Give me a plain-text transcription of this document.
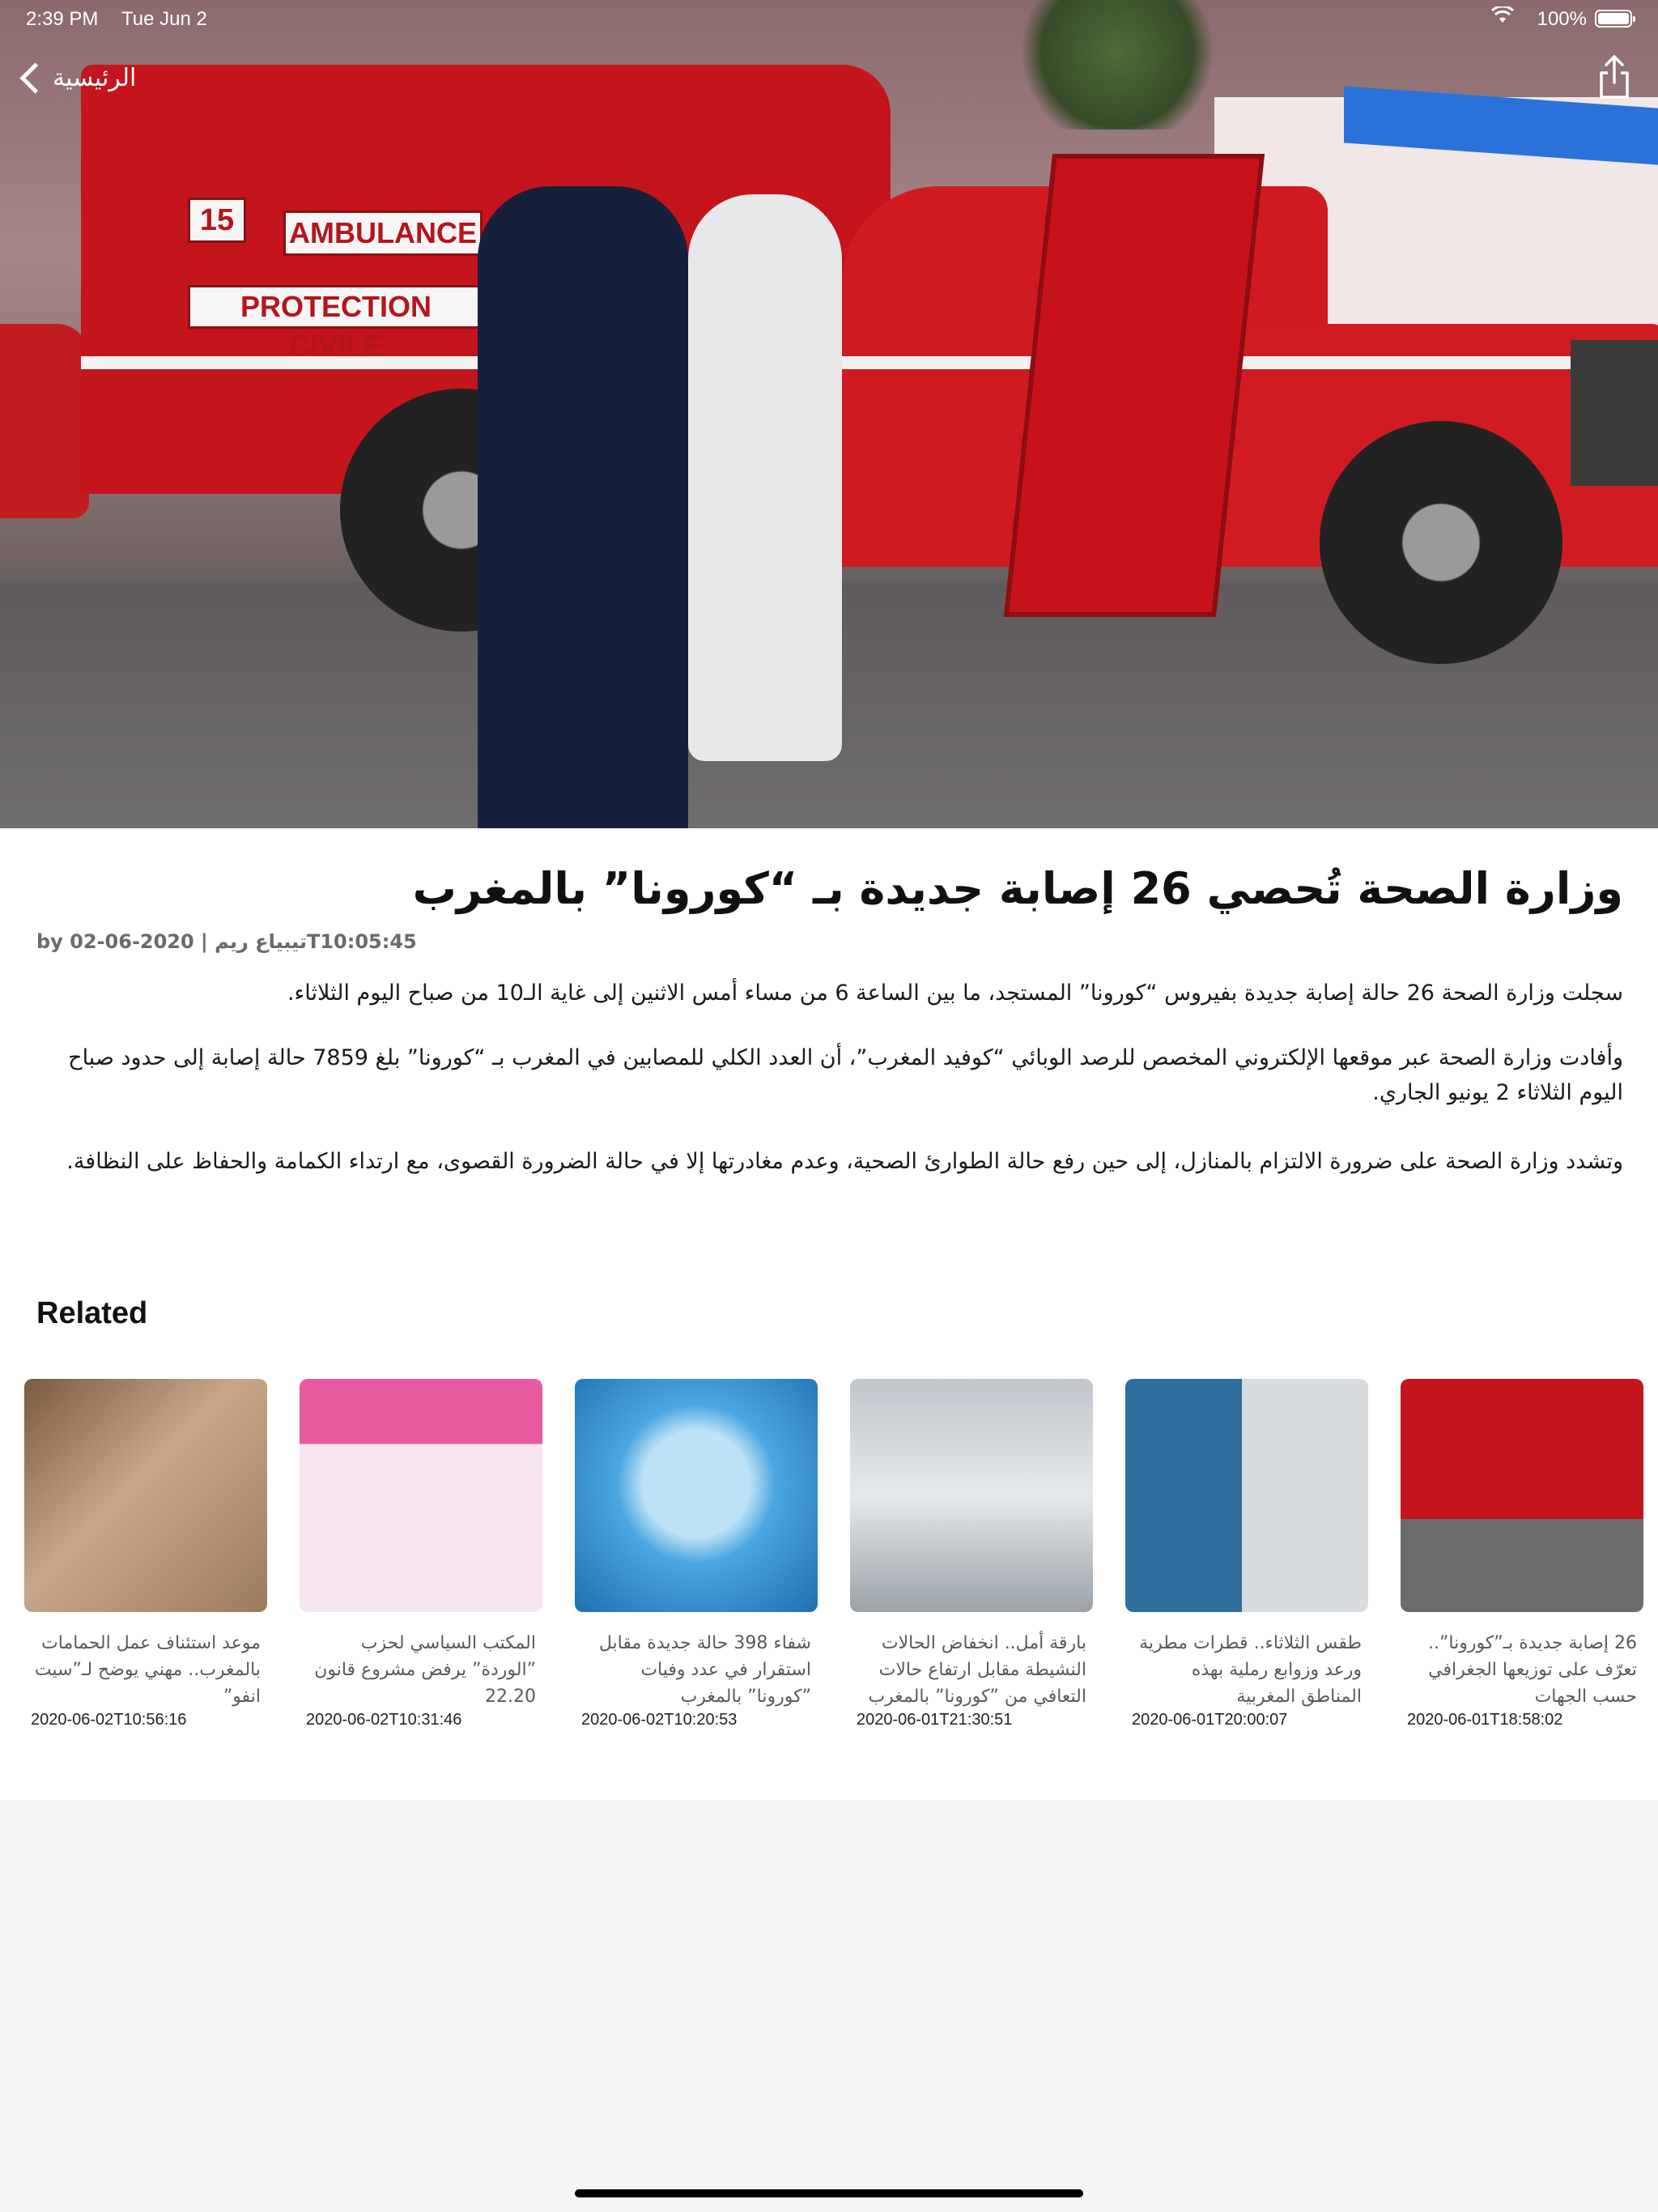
15	AMBULANCE
PROTECTION CIVILE
2:39 PM Tue Jun 2	100%
الرئيسية
وزارة الصحة تُحصي 26 إصابة جديدة بـ “كورونا” بالمغرب
by 02-06-2020 | تيبياع ريمT10:05:45
سجلت وزارة الصحة 26 حالة إصابة جديدة بفيروس “كورونا” المستجد، ما بين الساعة 6 من مساء أمس الاثنين إلى غاية الـ10 من صباح اليوم الثلاثاء.
وأفادت وزارة الصحة عبر موقعها الإلكتروني المخصص للرصد الوبائي “كوفيد المغرب”، أن العدد الكلي للمصابين في المغرب بـ “كورونا” بلغ 7859 حالة إصابة إلى حدود صباح اليوم الثلاثاء 2 يونيو الجاري.
وتشدد وزارة الصحة على ضرورة الالتزام بالمنازل، إلى حين رفع حالة الطوارئ الصحية، وعدم مغادرتها إلا في حالة الضرورة القصوى، مع ارتداء الكمامة والحفاظ على النظافة.
Related
موعد استئناف عمل الحمامات بالمغرب.. مهني يوضح لـ”سيت انفو”
2020-06-02T10:56:16
المكتب السياسي لحزب ”الوردة” يرفض مشروع قانون 22.20
2020-06-02T10:31:46
شفاء 398 حالة جديدة مقابل استقرار في عدد وفيات ”كورونا” بالمغرب
2020-06-02T10:20:53
بارقة أمل.. انخفاض الحالات النشيطة مقابل ارتفاع حالات التعافي من ”كورونا” بالمغرب
2020-06-01T21:30:51
طقس الثلاثاء.. قطرات مطرية ورعد وزوابع رملية بهذه المناطق المغربية
2020-06-01T20:00:07
26 إصابة جديدة بـ”كورونا”.. تعرّف على توزيعها الجغرافي حسب الجهات
2020-06-01T18:58:02
